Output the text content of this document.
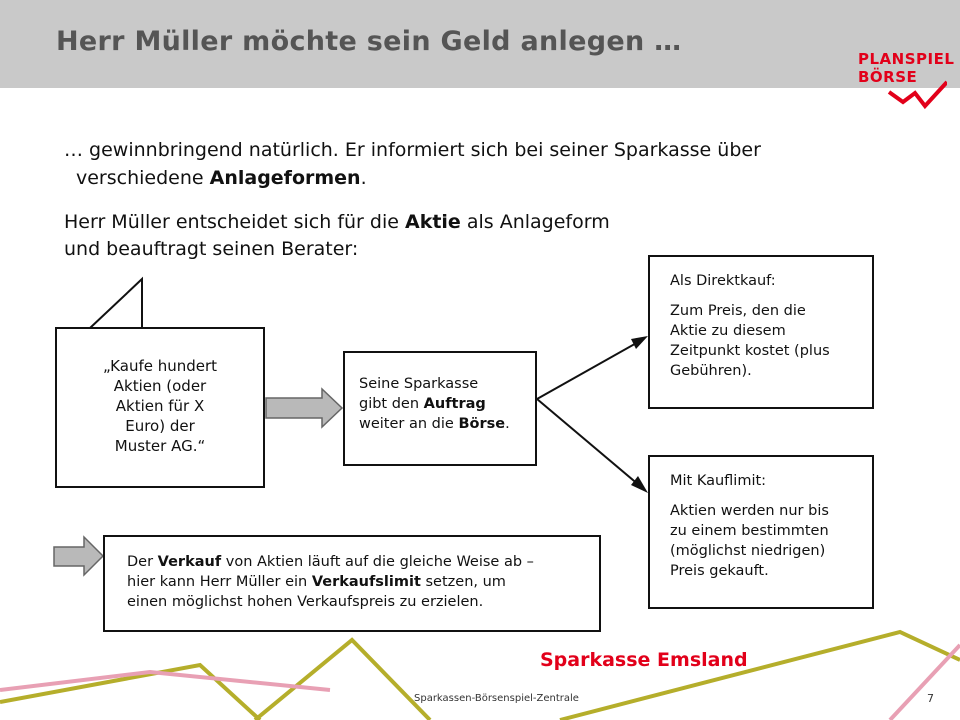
Herr Müller möchte sein Geld anlegen …
PLANSPIEL
BÖRSE
… gewinnbringend natürlich. Er informiert sich bei seiner Sparkasse über
verschiedene Anlageformen.
Herr Müller entscheidet sich für die Aktie als Anlageform
und beauftragt seinen Berater:

„Kaufe hundert

Aktien (oder

Aktien für X

Euro) der

Muster AG.“

Seine Sparkasse

gibt den Auftrag

weiter an die Börse.

Als Direktkauf:

Zum Preis, den die

Aktie zu diesem

Zeitpunkt kostet (plus

Gebühren).

Mit Kauflimit:

Aktien werden nur bis

zu einem bestimmten

(möglichst niedrigen)

Preis gekauft.

Der Verkauf von Aktien läuft auf die gleiche Weise ab –

hier kann Herr Müller ein Verkaufslimit setzen, um

einen möglichst hohen Verkaufspreis zu erzielen.

Sparkasse Emsland
Sparkassen-Börsenspiel-Zentrale	7
